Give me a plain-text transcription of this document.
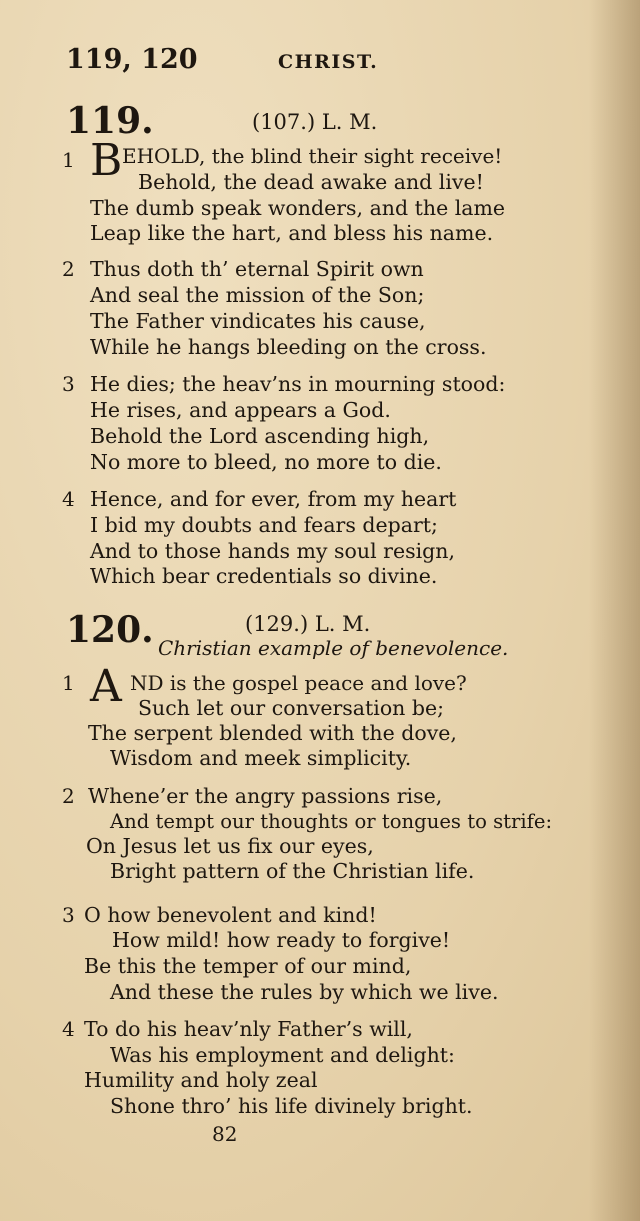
119, 120	CHRIST.
119.	(107.) L. M.
1 B EHOLD, the blind their sight receive!
Behold, the dead awake and live!
The dumb speak wonders, and the lame
Leap like the hart, and bless his name.
2 Thus doth th’ eternal Spirit own
And seal the mission of the Son;
The Father vindicates his cause,
While he hangs bleeding on the cross.
3 He dies; the heav’ns in mourning stood:
He rises, and appears a God.
Behold the Lord ascending high,
No more to bleed, no more to die.
4 Hence, and for ever, from my heart
I bid my doubts and fears depart;
And to those hands my soul resign,
Which bear credentials so divine.
120.	(129.) L. M.
Christian example of benevolence.
1 A ND is the gospel peace and love?
Such let our conversation be;
The serpent blended with the dove,
Wisdom and meek simplicity.
2 Whene’er the angry passions rise,
And tempt our thoughts or tongues to strife:
On Jesus let us fix our eyes,
Bright pattern of the Christian life.
3 O how benevolent and kind!
How mild! how ready to forgive!
Be this the temper of our mind,
And these the rules by which we live.
4 To do his heav’nly Father’s will,
Was his employment and delight:
Humility and holy zeal
Shone thro’ his life divinely bright.
82
